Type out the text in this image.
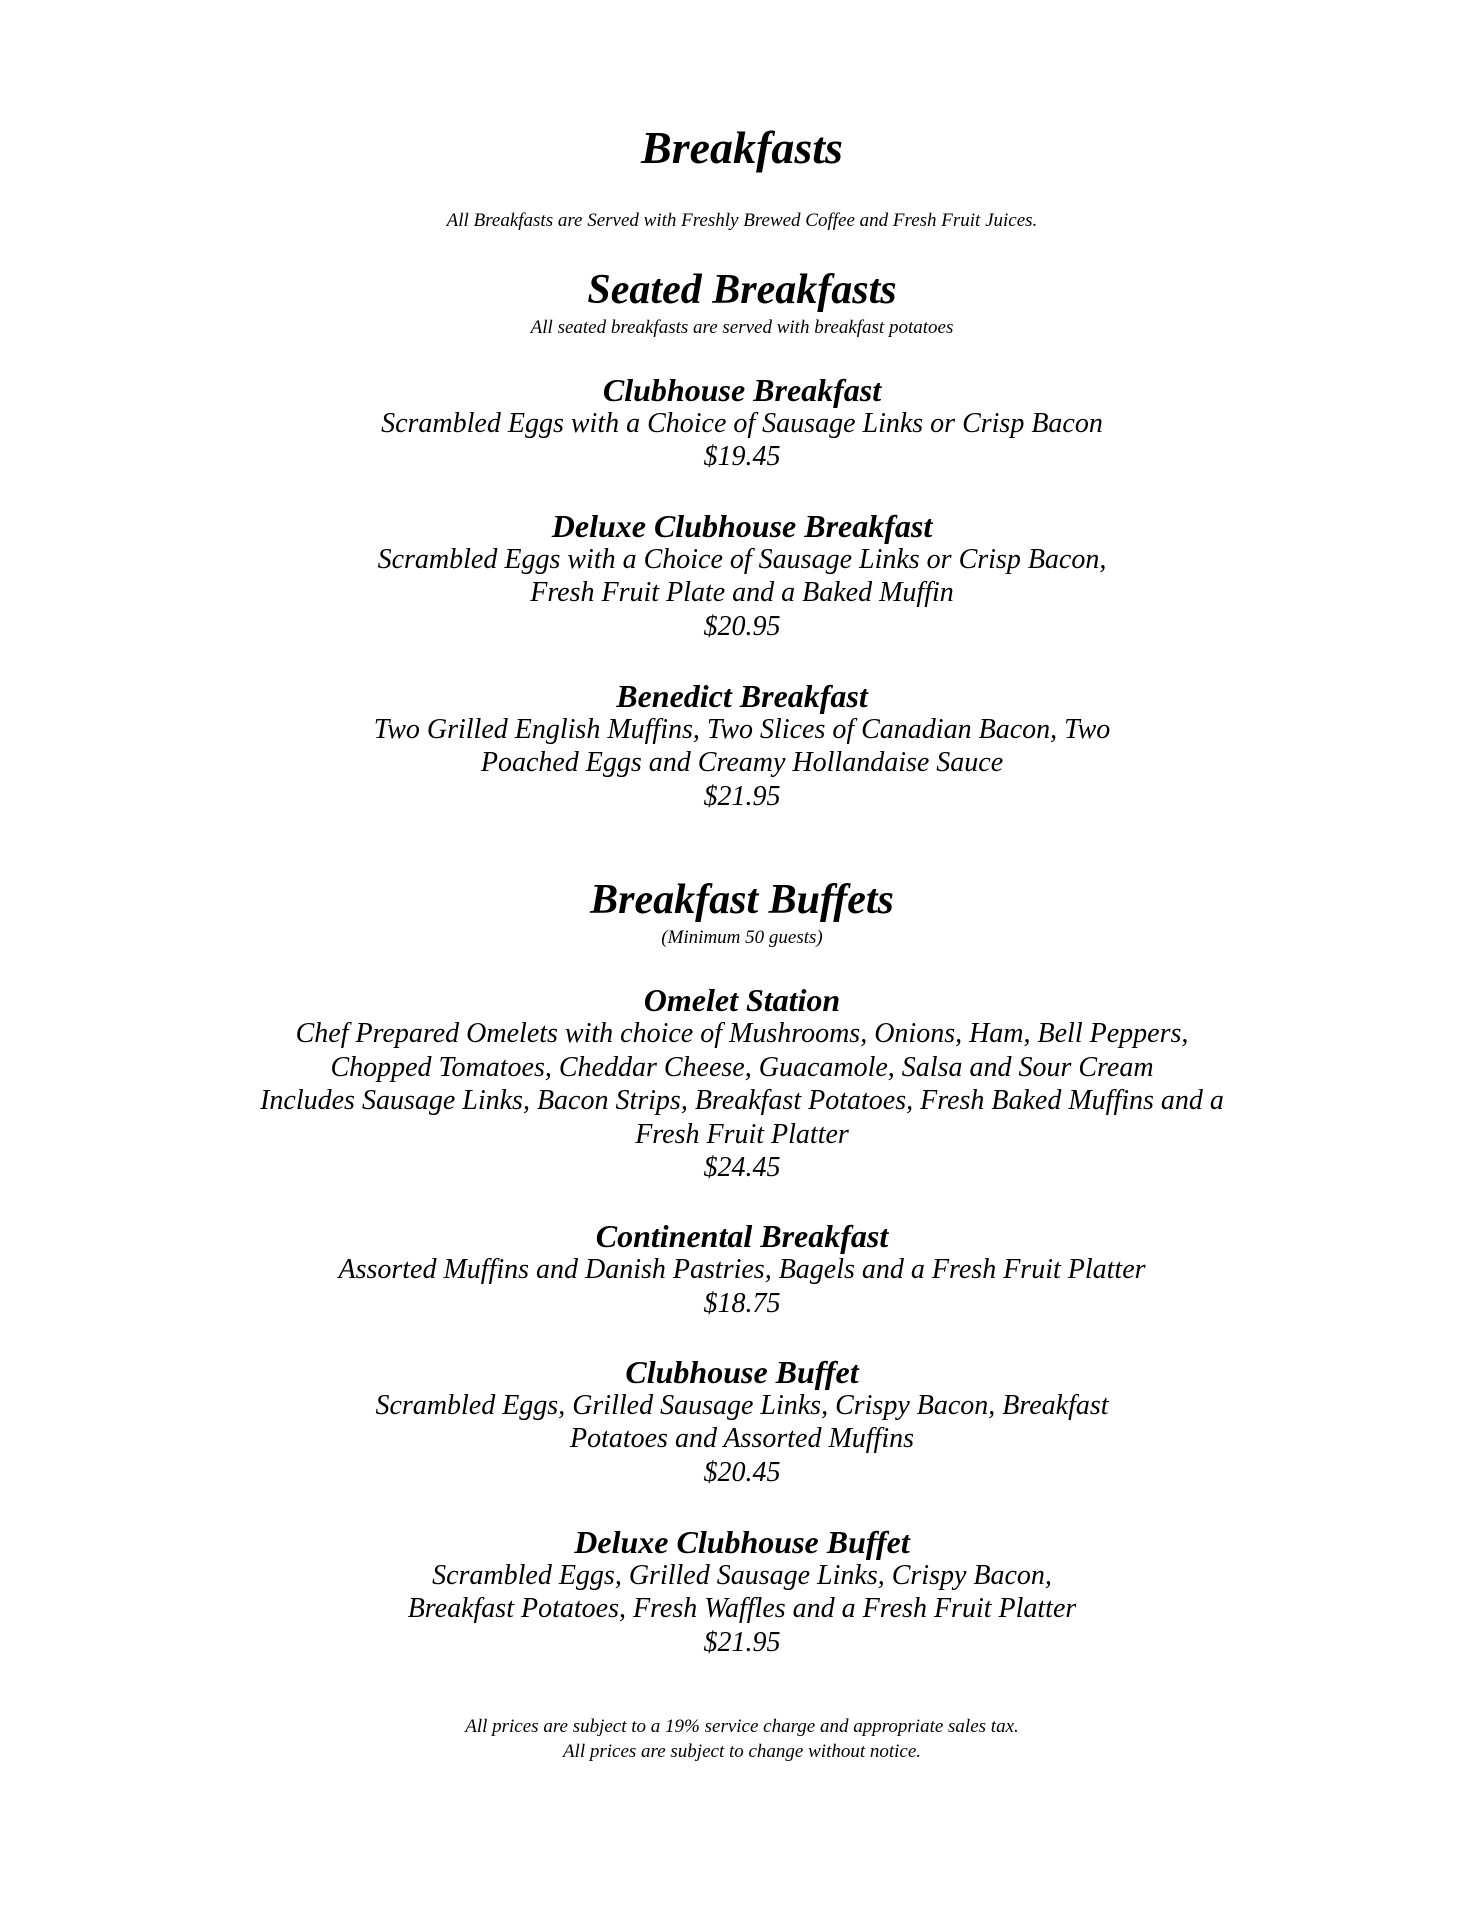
Breakfasts
All Breakfasts are Served with Freshly Brewed Coffee and Fresh Fruit Juices.
Seated Breakfasts
All seated breakfasts are served with breakfast potatoes
Clubhouse Breakfast
Scrambled Eggs with a Choice of Sausage Links or Crisp Bacon
$19.45
Deluxe Clubhouse Breakfast
Scrambled Eggs with a Choice of Sausage Links or Crisp Bacon,
Fresh Fruit Plate and a Baked Muffin
$20.95
Benedict Breakfast
Two Grilled English Muffins, Two Slices of Canadian Bacon, Two
Poached Eggs and Creamy Hollandaise Sauce
$21.95
Breakfast Buffets
(Minimum 50 guests)
Omelet Station
Chef Prepared Omelets with choice of Mushrooms, Onions, Ham, Bell Peppers,
Chopped Tomatoes, Cheddar Cheese, Guacamole, Salsa and Sour Cream
Includes Sausage Links, Bacon Strips, Breakfast Potatoes, Fresh Baked Muffins and a
Fresh Fruit Platter
$24.45
Continental Breakfast
Assorted Muffins and Danish Pastries, Bagels and a Fresh Fruit Platter
$18.75
Clubhouse Buffet
Scrambled Eggs, Grilled Sausage Links, Crispy Bacon, Breakfast
Potatoes and Assorted Muffins
$20.45
Deluxe Clubhouse Buffet
Scrambled Eggs, Grilled Sausage Links, Crispy Bacon,
Breakfast Potatoes, Fresh Waffles and a Fresh Fruit Platter
$21.95
All prices are subject to a 19% service charge and appropriate sales tax.
All prices are subject to change without notice.
